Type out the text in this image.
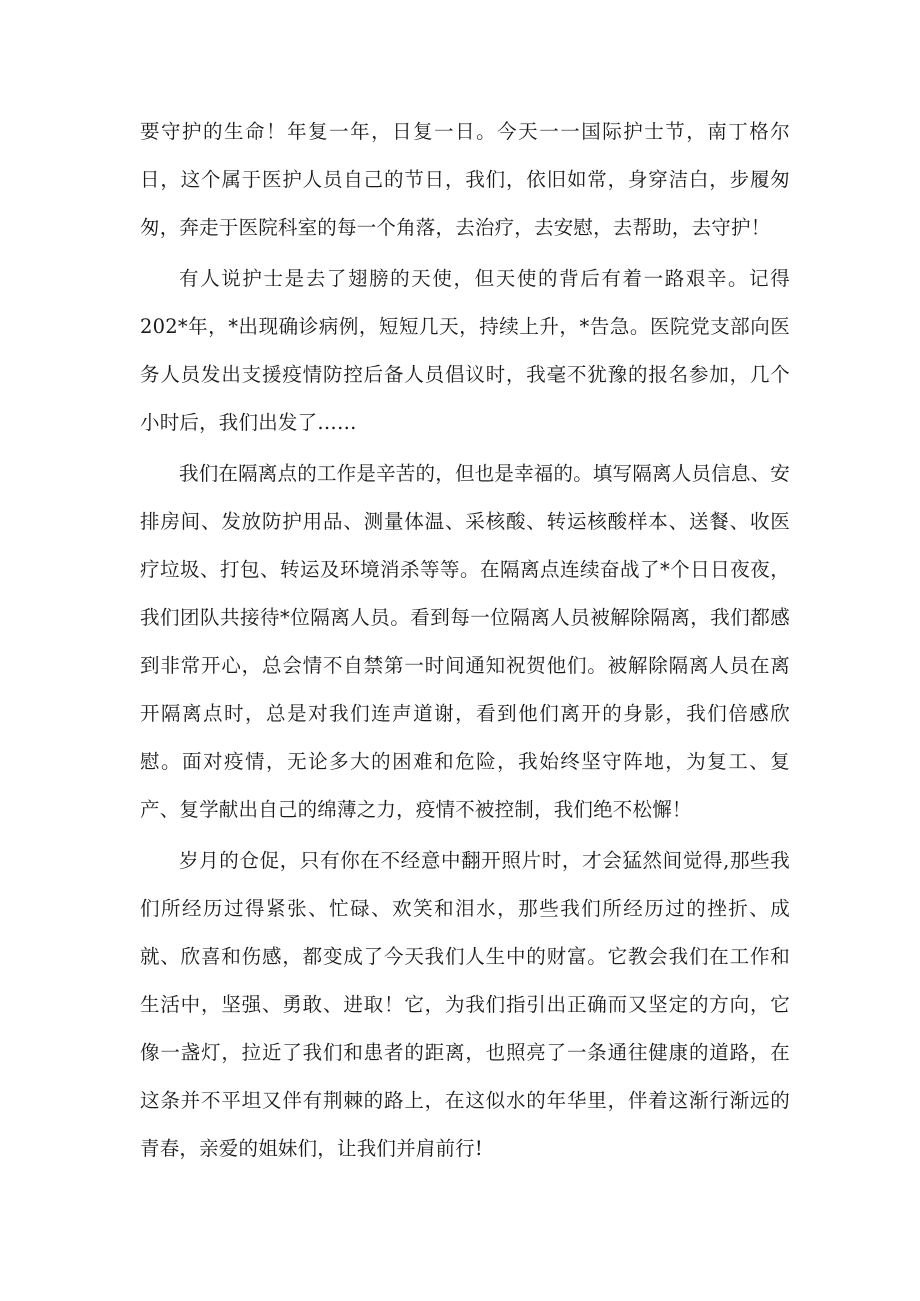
要守护的生命！年复一年，日复一日。今天一一国际护士节，南丁格尔日，这个属于医护人员自己的节日，我们，依旧如常，身穿洁白，步履匆匆，奔走于医院科室的每一个角落，去治疗，去安慰，去帮助，去守护！

有人说护士是去了翅膀的天使，但天使的背后有着一路艰辛。记得202*年，*出现确诊病例，短短几天，持续上升，*告急。医院党支部向医务人员发出支援疫情防控后备人员倡议时，我毫不犹豫的报名参加，几个小时后，我们出发了……

我们在隔离点的工作是辛苦的，但也是幸福的。填写隔离人员信息、安排房间、发放防护用品、测量体温、采核酸、转运核酸样本、送餐、收医疗垃圾、打包、转运及环境消杀等等。在隔离点连续奋战了*个日日夜夜，我们团队共接待*位隔离人员。看到每一位隔离人员被解除隔离，我们都感到非常开心，总会情不自禁第一时间通知祝贺他们。被解除隔离人员在离开隔离点时，总是对我们连声道谢，看到他们离开的身影，我们倍感欣慰。面对疫情，无论多大的困难和危险，我始终坚守阵地，为复工、复产、复学献出自己的绵薄之力，疫情不被控制，我们绝不松懈！

岁月的仓促，只有你在不经意中翻开照片时，才会猛然间觉得,那些我们所经历过得紧张、忙碌、欢笑和泪水，那些我们所经历过的挫折、成就、欣喜和伤感，都变成了今天我们人生中的财富。它教会我们在工作和生活中，坚强、勇敢、进取！它，为我们指引出正确而又坚定的方向，它像一盏灯，拉近了我们和患者的距离，也照亮了一条通往健康的道路，在这条并不平坦又伴有荆棘的路上，在这似水的年华里，伴着这渐行渐远的青春，亲爱的姐妹们，让我们并肩前行!
